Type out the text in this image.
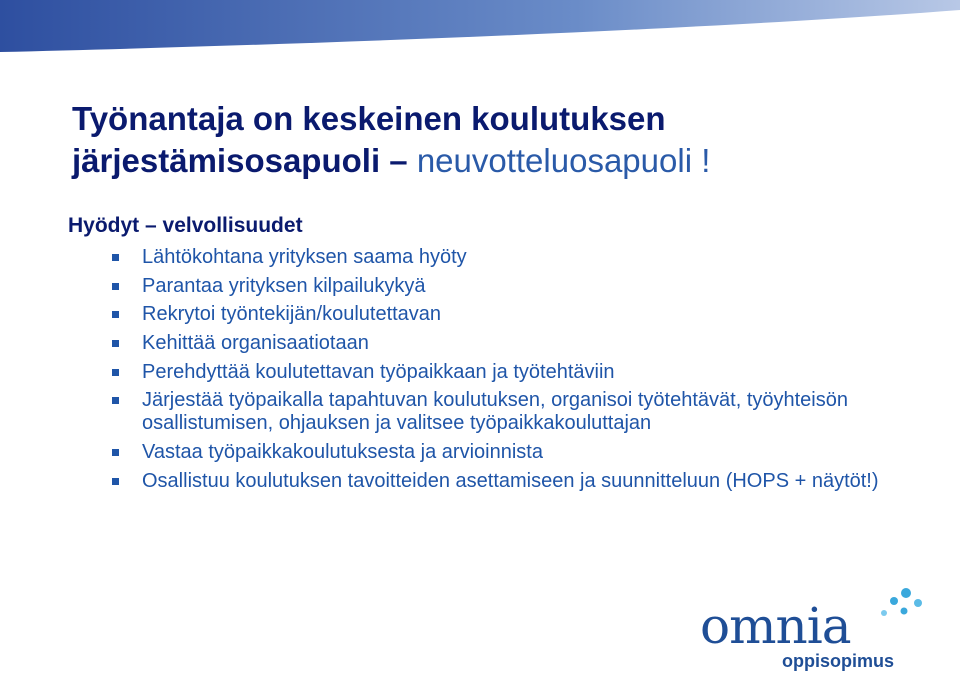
Työnantaja on keskeinen koulutuksen
järjestämisosapuoli – neuvotteluosapuoli !
Hyödyt – velvollisuudet
Lähtökohtana yrityksen saama hyöty
Parantaa yrityksen kilpailukykyä
Rekrytoi työntekijän/koulutettavan
Kehittää organisaatiotaan
Perehdyttää koulutettavan työpaikkaan ja työtehtäviin
Järjestää työpaikalla tapahtuvan koulutuksen, organisoi työtehtävät, työyhteisön osallistumisen, ohjauksen ja valitsee työpaikkakouluttajan
Vastaa työpaikkakoulutuksesta ja arvioinnista
Osallistuu koulutuksen tavoitteiden asettamiseen ja suunnitteluun (HOPS + näytöt!)
omnia
oppisopimus
